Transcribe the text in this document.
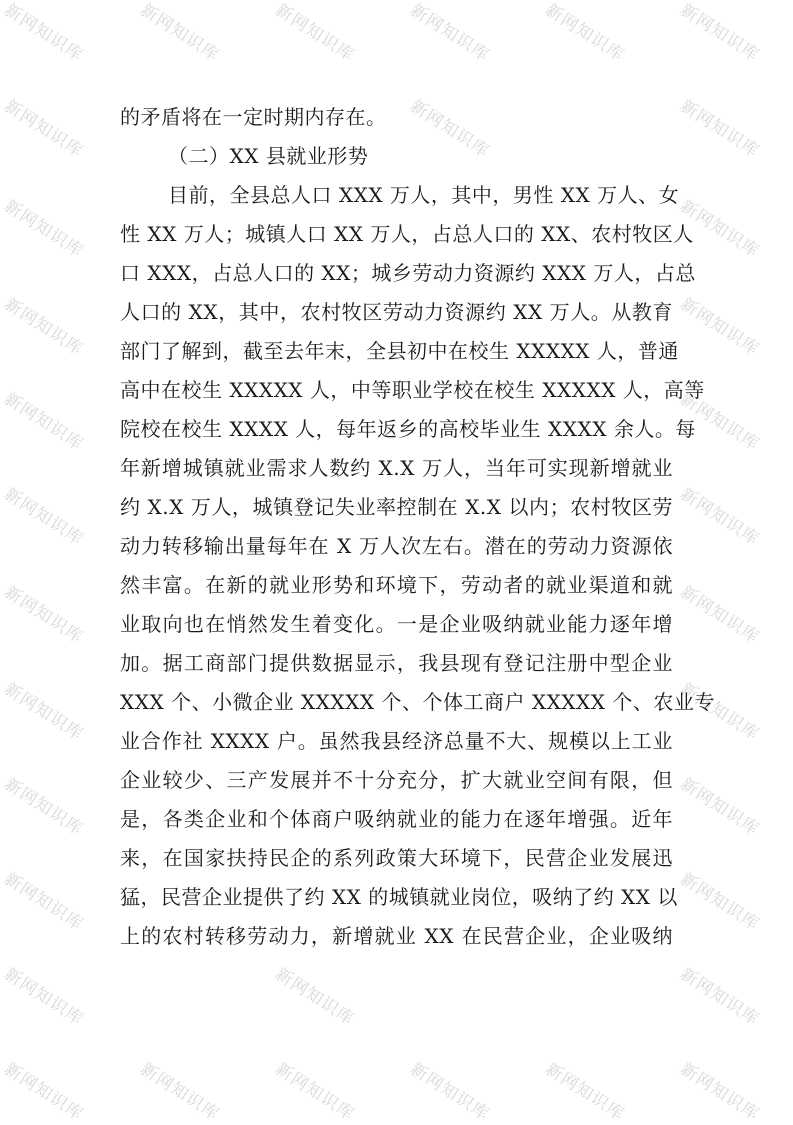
新网知识库	新网知识库	新网知识库	新网知识库	新网知识库	新网知识库
新网知识库	新网知识库	新网知识库
新网知识库	新网知识库
新网知识库	新网知识库
新网知识库	新网知识库
新网知识库	新网知识库
新网知识库	新网知识库
新网知识库	新网知识库
新网知识库	新网知识库
新网知识库	新网知识库
新网知识库	新网知识库	新网知识库
新网知识库	新网知识库	新网知识库	新网知识库	新网知识库	新网知识库
的矛盾将在一定时期内存在。
（二）XX 县就业形势
目前，全县总人口 XXX 万人，其中，男性 XX 万人、女
性 XX 万人；城镇人口 XX 万人，占总人口的 XX、农村牧区人
口 XXX，占总人口的 XX；城乡劳动力资源约 XXX 万人，占总
人口的 XX，其中，农村牧区劳动力资源约 XX 万人。从教育
部门了解到，截至去年末，全县初中在校生 XXXXX 人，普通
高中在校生 XXXXX 人，中等职业学校在校生 XXXXX 人，高等
院校在校生 XXXX 人，每年返乡的高校毕业生 XXXX 余人。每
年新增城镇就业需求人数约 X.X 万人，当年可实现新增就业
约 X.X 万人，城镇登记失业率控制在 X.X 以内；农村牧区劳
动力转移输出量每年在 X 万人次左右。潜在的劳动力资源依
然丰富。在新的就业形势和环境下，劳动者的就业渠道和就
业取向也在悄然发生着变化。一是企业吸纳就业能力逐年增
加。据工商部门提供数据显示，我县现有登记注册中型企业
XXX 个、小微企业 XXXXX 个、个体工商户 XXXXX 个、农业专
业合作社 XXXX 户。虽然我县经济总量不大、规模以上工业
企业较少、三产发展并不十分充分，扩大就业空间有限，但
是，各类企业和个体商户吸纳就业的能力在逐年增强。近年
来，在国家扶持民企的系列政策大环境下，民营企业发展迅
猛，民营企业提供了约 XX 的城镇就业岗位，吸纳了约 XX 以
上的农村转移劳动力，新增就业 XX 在民营企业，企业吸纳
